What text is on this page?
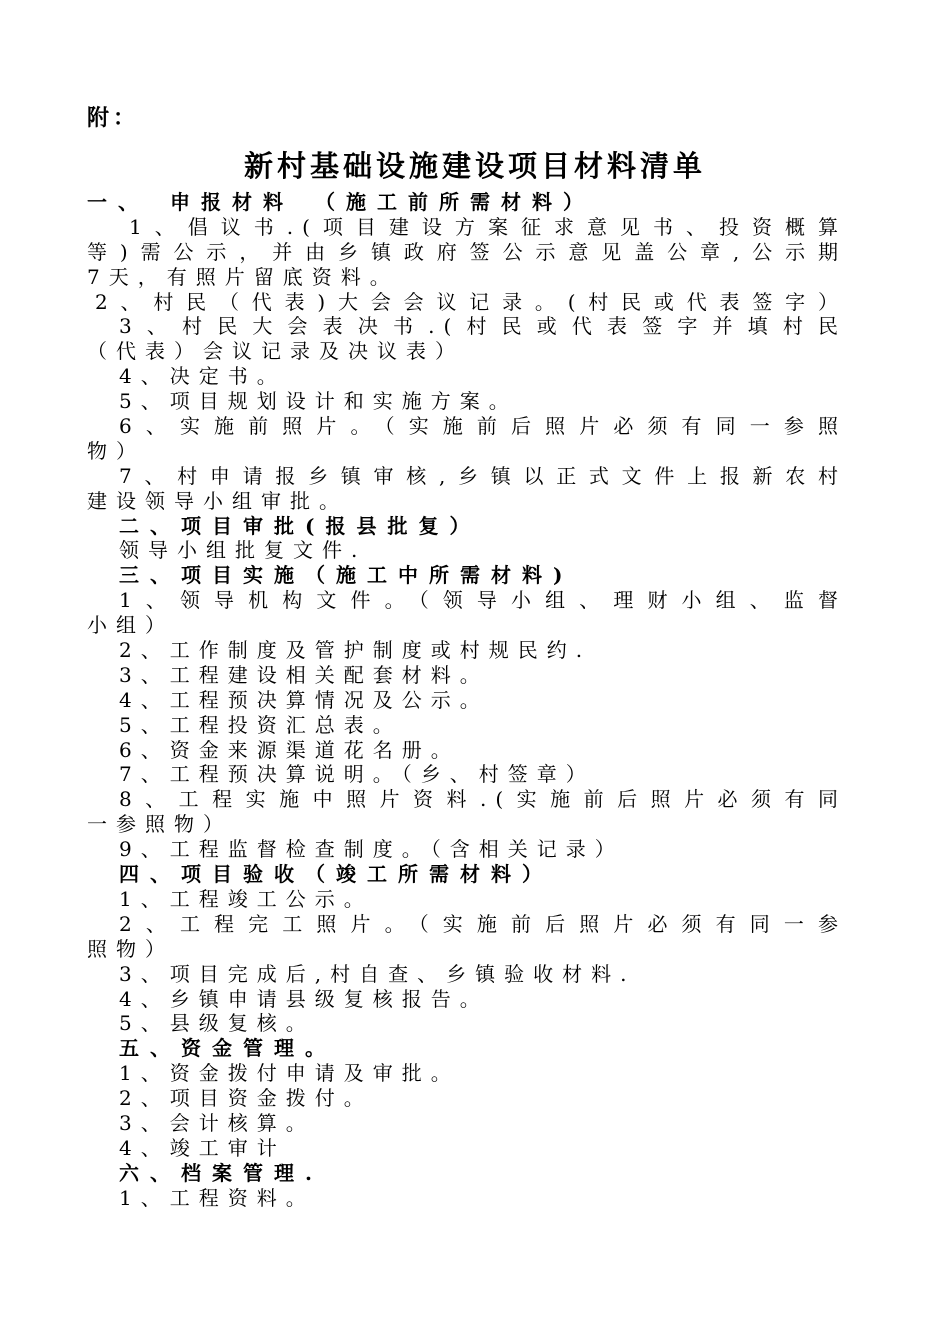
附：
新村基础设施建设项目材料清单
一、　申报材料　（施工前所需材料）
1、倡议书.(项目建设方案征求意见书、投资概算
等)需公示，并由乡镇政府签公示意见盖公章,公示期
7天，有照片留底资料。
2、村民（代表)大会会议记录。(村民或代表签字）
3、村民大会表决书.(村民或代表签字并填村民
（代表）会议记录及决议表）
4、决定书。
5、项目规划设计和实施方案。
6、实施前照片。（实施前后照片必须有同一参照
物）
7、村申请报乡镇审核,乡镇以正式文件上报新农村
建设领导小组审批。
二、项目审批(报县批复）
领导小组批复文件.
三、项目实施（施工中所需材料)
1、领导机构文件。（领导小组、理财小组、监督
小组）
2、工作制度及管护制度或村规民约.
3、工程建设相关配套材料。
4、工程预决算情况及公示。
5、工程投资汇总表。
6、资金来源渠道花名册。
7、工程预决算说明。（乡、村签章）
8、工程实施中照片资料.(实施前后照片必须有同
一参照物）
9、工程监督检查制度。（含相关记录）
四、项目验收（竣工所需材料）
1、工程竣工公示。
2、工程完工照片。（实施前后照片必须有同一参
照物）
3、项目完成后,村自查、乡镇验收材料.
4、乡镇申请县级复核报告。
5、县级复核。
五、资金管理。
1、资金拨付申请及审批。
2、项目资金拨付。
3、会计核算。
4、竣工审计
六、档案管理.
1、工程资料。
